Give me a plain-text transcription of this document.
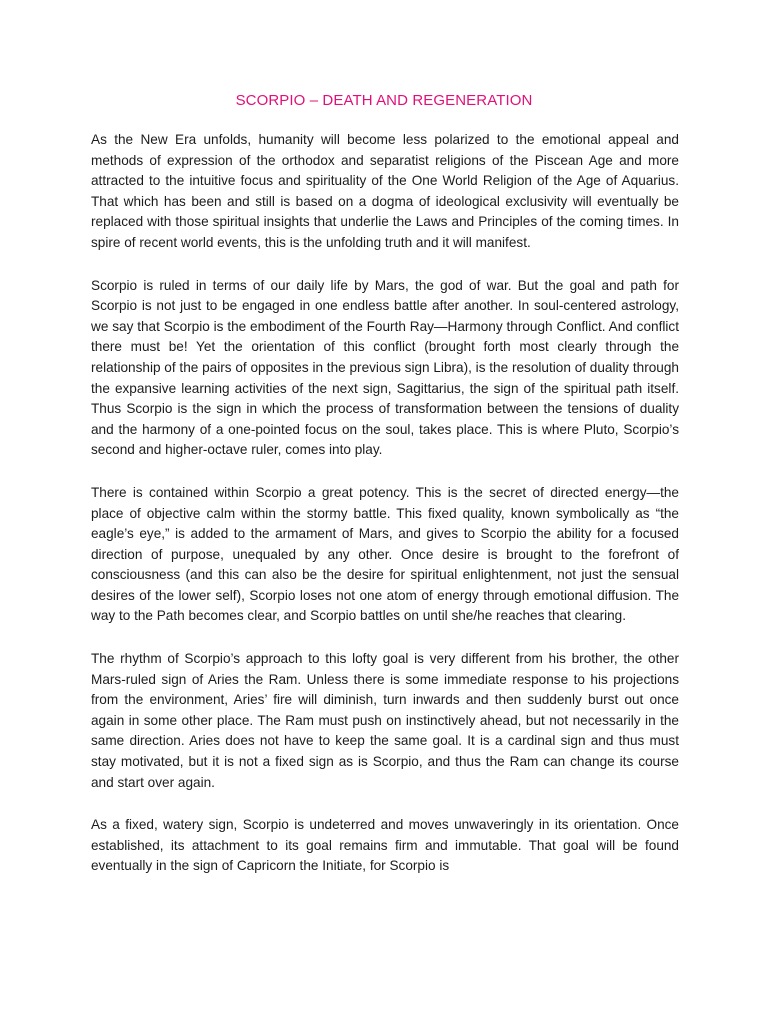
SCORPIO – DEATH AND REGENERATION

As the New Era unfolds, humanity will become less polarized to the emotional appeal and methods of expression of the orthodox and separatist religions of the Piscean Age and more attracted to the intuitive focus and spirituality of the One World Religion of the Age of Aquarius. That which has been and still is based on a dogma of ideological exclusivity will eventually be replaced with those spiritual insights that underlie the Laws and Principles of the coming times. In spire of recent world events, this is the unfolding truth and it will manifest.

Scorpio is ruled in terms of our daily life by Mars, the god of war. But the goal and path for Scorpio is not just to be engaged in one endless battle after another. In soul-centered astrology, we say that Scorpio is the embodiment of the Fourth Ray—Harmony through Conflict. And conflict there must be! Yet the orientation of this conflict (brought forth most clearly through the relationship of the pairs of opposites in the previous sign Libra), is the resolution of duality through the expansive learning activities of the next sign, Sagittarius, the sign of the spiritual path itself. Thus Scorpio is the sign in which the process of transformation between the tensions of duality and the harmony of a one-pointed focus on the soul, takes place. This is where Pluto, Scorpio’s second and higher-octave ruler, comes into play.

There is contained within Scorpio a great potency. This is the secret of directed energy—the place of objective calm within the stormy battle. This fixed quality, known symbolically as “the eagle’s eye,” is added to the armament of Mars, and gives to Scorpio the ability for a focused direction of purpose, unequaled by any other. Once desire is brought to the forefront of consciousness (and this can also be the desire for spiritual enlightenment, not just the sensual desires of the lower self), Scorpio loses not one atom of energy through emotional diffusion. The way to the Path becomes clear, and Scorpio battles on until she/he reaches that clearing.

The rhythm of Scorpio’s approach to this lofty goal is very different from his brother, the other Mars-ruled sign of Aries the Ram. Unless there is some immediate response to his projections from the environment, Aries’ fire will diminish, turn inwards and then suddenly burst out once again in some other place. The Ram must push on instinctively ahead, but not necessarily in the same direction. Aries does not have to keep the same goal. It is a cardinal sign and thus must stay motivated, but it is not a fixed sign as is Scorpio, and thus the Ram can change its course and start over again.

As a fixed, watery sign, Scorpio is undeterred and moves unwaveringly in its orientation. Once established, its attachment to its goal remains firm and immutable. That goal will be found eventually in the sign of Capricorn the Initiate, for Scorpio is
